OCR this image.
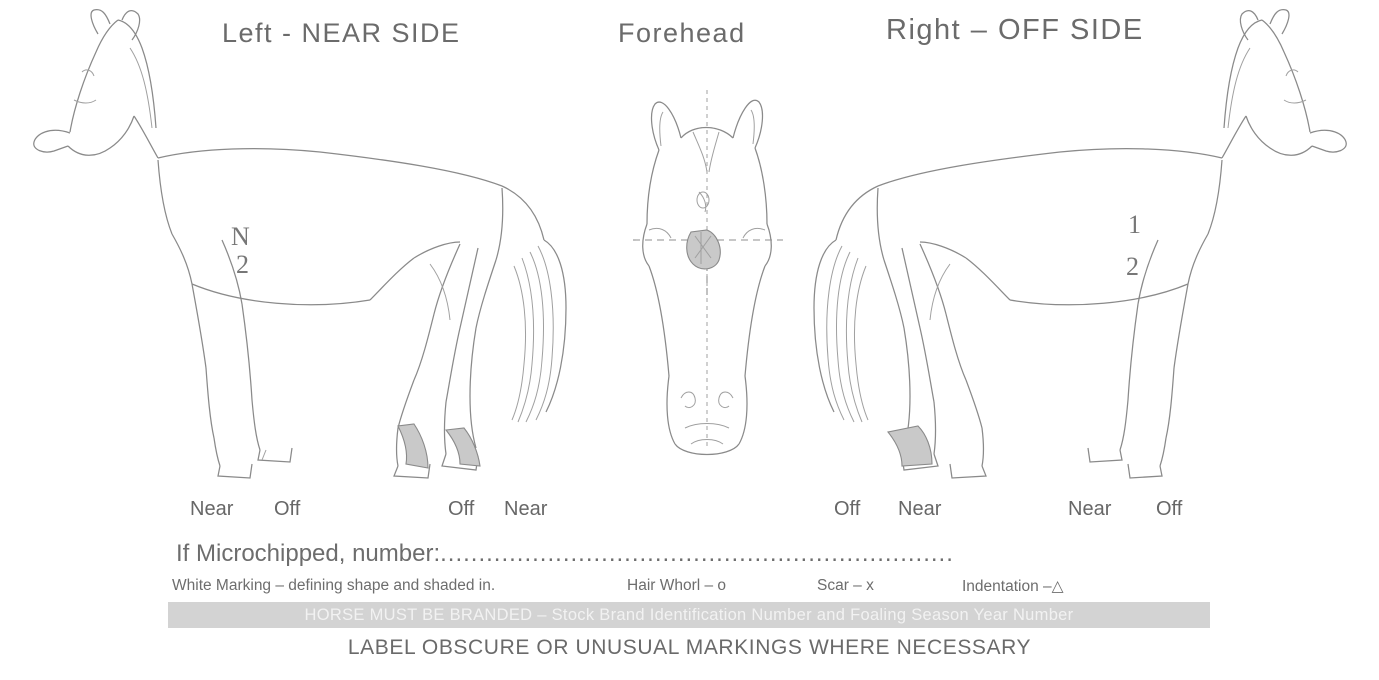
Left - NEAR SIDE	Forehead	Right – OFF SIDE
N
2
1
2
Near Off	Off Near	Off Near	Near Off
If Microchipped, number:...................................................................
White Marking – defining shape and shaded in.	Hair Whorl – o	Scar – x	Indentation –△
HORSE MUST BE BRANDED – Stock Brand Identification Number and Foaling Season Year Number
LABEL OBSCURE OR UNUSUAL MARKINGS WHERE NECESSARY
